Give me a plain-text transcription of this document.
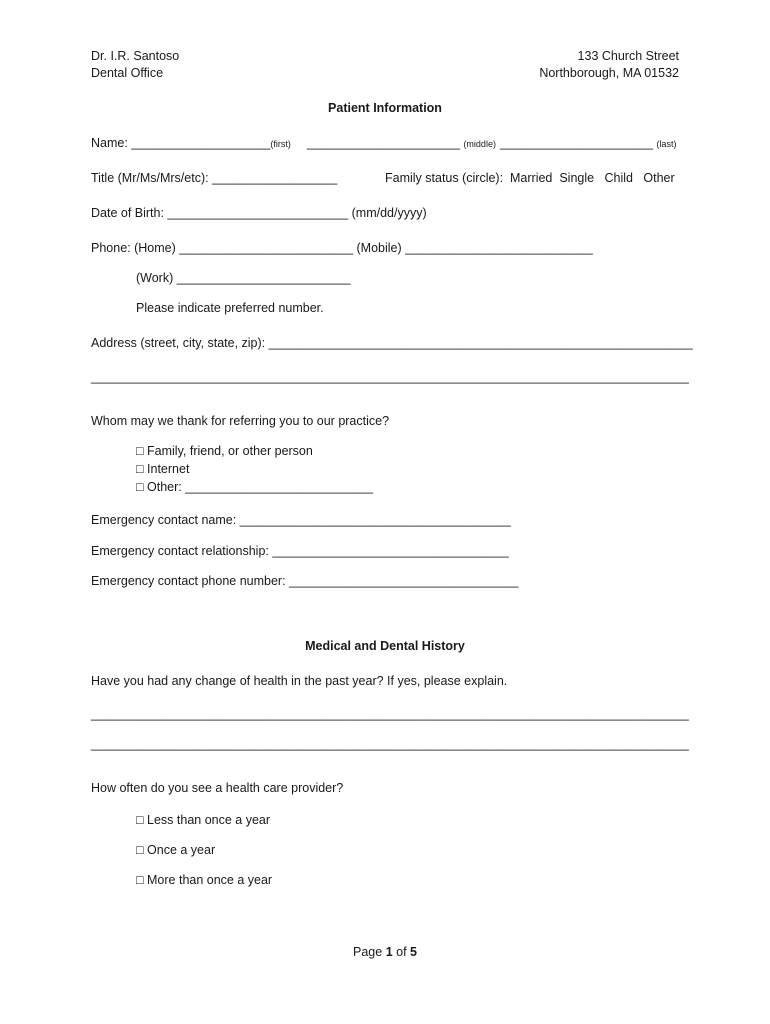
Dr. I.R. Santoso
Dental Office
133 Church Street
Northborough, MA 01532
Patient Information
Name: ____________________(first) ______________________ (middle) ______________________ (last)
Title (Mr/Ms/Mrs/etc): __________________	Family status (circle):  Married  Single   Child   Other
Date of Birth: __________________________ (mm/dd/yyyy)
Phone: (Home) _________________________ (Mobile) ___________________________
(Work) _________________________
Please indicate preferred number.
Address (street, city, state, zip): _____________________________________________________________
______________________________________________________________________________________
Whom may we thank for referring you to our practice?
□ Family, friend, or other person
□ Internet
□ Other: ___________________________
Emergency contact name: _______________________________________
Emergency contact relationship: __________________________________
Emergency contact phone number: _________________________________
Medical and Dental History
Have you had any change of health in the past year? If yes, please explain.
______________________________________________________________________________________
______________________________________________________________________________________
How often do you see a health care provider?
□ Less than once a year
□ Once a year
□ More than once a year
Page 1 of 5
